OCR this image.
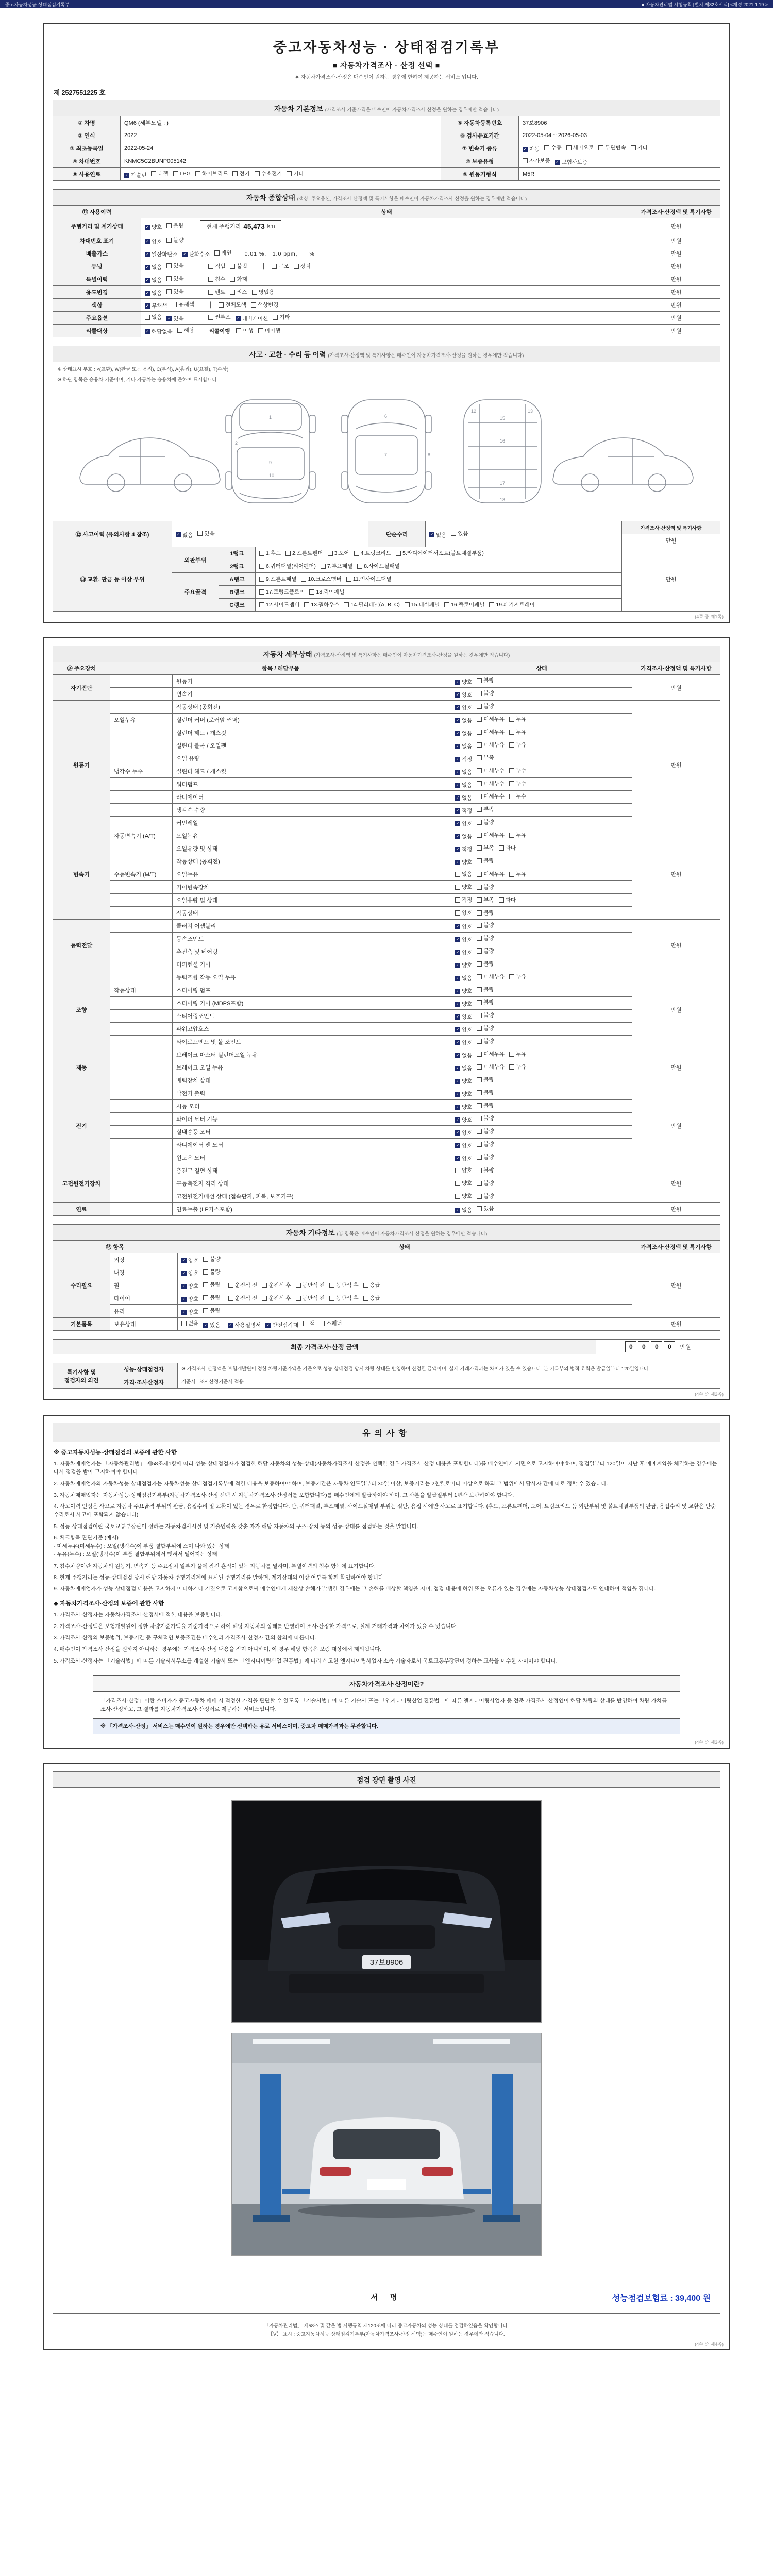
중고자동차성능·상태점검기록부	■ 자동차관리법 시행규칙 [별지 제82호서식] <개정 2021.1.19.>
중고자동차성능 · 상태점검기록부
■ 자동차가격조사 · 산정 선택 ■
※ 자동차가격조사·산정은 매수인이 원하는 경우에 한하여 제공하는 서비스 입니다.
제 2527551225 호
자동차 기본정보 (가격조사 기준가격은 매수인이 자동차가격조사·산정을 원하는 경우에만 적습니다)
① 차명	QM6 (세부모델 : )	⑤ 자동차등록번호	37보8906
② 연식	2022	⑥ 검사유효기간	2022-05-04 ~ 2026-05-03
③ 최초등록일	2022-05-24	⑦ 변속기 종류 ✓	자동 수동 세미오토 무단변속 기타
④ 차대번호	KNMC5C2BUNP005142	⑩ 보증유형	자가보증 ✓ 보험사보증
⑧ 사용연료 ✓	가솔린 디젤 LPG 하이브리드 전기 수소전기 기타	⑨ 원동기형식	M5R
자동차 종합상태 (색상, 주요옵션, 가격조사·산정액 및 특기사항은 매수인이 자동차가격조사·산정을 원하는 경우에만 적습니다)
⑪ 사용이력	상태	가격조사·산정액 및 특기사항
주행거리 및 계기상태 ✓	양호 불량	현재 주행거리 45,473 km	만원
차대번호 표기 ✓	양호 불량	만원
배출가스 ✓	일산화탄소 ✓ 탄화수소 매연 0.01 %,　1.0 ppm,　　%	만원
튜닝 ✓	없음 있음	│ 적법 불법	│ 구조 장치	만원
특별이력 ✓	없음 있음	│ 침수 화재	만원
용도변경 ✓	없음 있음	│ 렌트 리스 영업용	만원
색상 ✓	무채색 유채색	│ 전체도색 색상변경	만원
주요옵션	없음 ✓ 있음	│ 썬루프 ✓ 네비게이션 기타	만원
리콜대상 ✓	해당없음 해당	리콜이행 이행 미이행	만원
사고 · 교환 · 수리 등 이력 (가격조사·산정액 및 특기사항은 매수인이 자동차가격조사·산정을 원하는 경우에만 적습니다)
※ 상태표시 부호 : ×(교환), W(판금 또는 용접), C(부식), A(흠집), U(요철), T(손상)
※ 하단 항목은 승용차 기준이며, 기타 자동차는 승용차에 준하여 표시합니다.
1
2
9
10
6
7	8
12	13
16
17
18
15
⑫ 사고이력 (유의사항 4 참조) ✓	없음 있음	단순수리 ✓	없음 있음
가격조사·산정액 및 특기사항
만원
⑬ 교환, 판금 등 이상 부위
외판부위
1랭크	1.후드 2.프론트펜더 3.도어 4.트렁크리드 5.라디에이터서포트(볼트체결부품)
2랭크	6.쿼터패널(리어펜더) 7.루프패널 8.사이드실패널
주요골격
A랭크	9.프론트패널 10.크로스멤버 11.인사이드패널
B랭크	17.트렁크플로어 18.리어패널
C랭크	12.사이드멤버 13.휠하우스 14.필러패널(A, B, C) 15.대쉬패널 16.플로어패널 19.패키지트레이
만원
(4쪽 중 제1쪽)
자동차 세부상태 (가격조사·산정액 및 특기사항은 매수인이 자동차가격조사·산정을 원하는 경우에만 적습니다)
⑭ 주요장치	항목 / 해당부품	상태	가격조사·산정액 및 특기사항
자기진단
원동기 ✓	양호 불량
변속기 ✓	양호 불량
만원
원동기
작동상태 (공회전) ✓	양호 불량
오일누유	실린더 커버 (로커암 커버) ✓	없음 미세누유 누유
실린더 헤드 / 개스킷 ✓	없음 미세누유 누유
실린더 블록 / 오일팬 ✓	없음 미세누유 누유
오일 유량 ✓	적정 부족
냉각수 누수	실린더 헤드 / 개스킷 ✓	없음 미세누수 누수
워터펌프 ✓	없음 미세누수 누수
라디에이터 ✓	없음 미세누수 누수
냉각수 수량 ✓	적정 부족
커먼레일 ✓	양호 불량
만원
변속기
자동변속기 (A/T)	오일누유 ✓	없음 미세누유 누유
오일유량 및 상태 ✓	적정 부족 과다
작동상태 (공회전) ✓	양호 불량
수동변속기 (M/T)	오일누유	없음 미세누유 누유
기어변속장치	양호 불량
오일유량 및 상태	적정 부족 과다
작동상태	양호 불량
만원
동력전달
클러치 어셈블리 ✓	양호 불량
등속조인트 ✓	양호 불량
추진축 및 베어링 ✓	양호 불량
디퍼렌셜 기어 ✓	양호 불량
만원
조향
동력조향 작동 오일 누유 ✓	없음 미세누유 누유
작동상태	스티어링 펌프 ✓	양호 불량
스티어링 기어 (MDPS포함) ✓	양호 불량
스티어링조인트 ✓	양호 불량
파워고압호스 ✓	양호 불량
타이로드엔드 및 볼 조인트 ✓	양호 불량
만원
제동
브레이크 마스터 실린더오일 누유 ✓	없음 미세누유 누유
브레이크 오일 누유 ✓	없음 미세누유 누유
배력장치 상태 ✓	양호 불량
만원
전기
발전기 출력 ✓	양호 불량
시동 모터 ✓	양호 불량
와이퍼 모터 기능 ✓	양호 불량
실내송풍 모터 ✓	양호 불량
라디에이터 팬 모터 ✓	양호 불량
윈도우 모터 ✓	양호 불량
만원
고전원전기장치
충전구 절연 상태	양호 불량
구동축전지 격리 상태	양호 불량
고전원전기배선 상태 (접속단자, 피복, 보호기구)	양호 불량
만원
연료	연료누출 (LP가스포함) ✓	없음 있음	만원
자동차 기타정보 (⑮ 항목은 매수인이 자동차가격조사·산정을 원하는 경우에만 적습니다)
⑮ 항목	상태	가격조사·산정액 및 특기사항
수리필요
외장 ✓	양호 불량
내장 ✓	양호 불량
휠 ✓	양호 불량	운전석 전 운전석 후 동반석 전 동반석 후 응급
타이어 ✓	양호 불량	운전석 전 운전석 후 동반석 전 동반석 후 응급
유리 ✓	양호 불량
만원
기본품목	보유상태	없음 ✓ 있음 ✓	사용설명서 ✓ 안전삼각대 잭 스패너	만원
최종 가격조사·산정 금액	0 0 0 0	만원
특기사항 및
점검자의 의견
성능·상태점검자	※ 가격조사·산정액은 보험개발원이 정한 차량기준가액을 기준으로 성능·상태점검 당시 차량 상태를 반영하여 산정한 금액이며, 실제 거래가격과는 차이가 있을 수 있습니다. 본 기록부의 법적 효력은 발급일부터 120일입니다.
가격·조사산정자	기준서 : 조사산정기준서 적용
(4쪽 중 제2쪽)
유의사항
※ 중고자동차성능·상태점검의 보증에 관한 사항
1. 자동차매매업자는 「자동차관리법」 제58조제1항에 따라 성능·상태점검자가 점검한 해당 자동차의 성능·상태(자동차가격조사·산정을 선택한 경우 가격조사·산정 내용을 포함합니다)를 매수인에게 서면으로 고지하여야 하며, 점검일부터 120일이 지난 후 매매계약을 체결하는 경우에는 다시 점검을 받아 고지하여야 합니다.
2. 자동차매매업자와 자동차성능·상태점검자는 자동차성능·상태점검기록부에 적힌 내용을 보증하여야 하며, 보증기간은 자동차 인도일부터 30일 이상, 보증거리는 2천킬로미터 이상으로 하되 그 범위에서 당사자 간에 따로 정할 수 있습니다.
3. 자동차매매업자는 자동차성능·상태점검기록부(자동차가격조사·산정 선택 시 자동차가격조사·산정서를 포함합니다)를 매수인에게 발급하여야 하며, 그 사본을 발급일부터 1년간 보관하여야 합니다.
4. 사고이력 인정은 사고로 자동차 주요골격 부위의 판금, 용접수리 및 교환이 있는 경우로 한정합니다. 단, 쿼터패널, 루프패널, 사이드실패널 부위는 절단, 용접 시에만 사고로 표기합니다. (후드, 프론트펜더, 도어, 트렁크리드 등 외판부위 및 볼트체결부품의 판금, 용접수리 및 교환은 단순수리로서 사고에 포함되지 않습니다)
5. 성능·상태점검이란 국토교통부장관이 정하는 자동차검사시설 및 기술인력을 갖춘 자가 해당 자동차의 구조·장치 등의 성능·상태를 점검하는 것을 말합니다.
6. 체크항목 판단기준 (예시)
- 미세누유(미세누수) : 오일(냉각수)이 부품 결합부위에 스며 나와 있는 상태
- 누유(누수) : 오일(냉각수)이 부품 결합부위에서 맺혀서 떨어지는 상태
7. 침수차량이란 자동차의 원동기, 변속기 등 주요장치 일부가 물에 잠긴 흔적이 있는 자동차를 말하며, 특별이력의 침수 항목에 표기합니다.
8. 현재 주행거리는 성능·상태점검 당시 해당 자동차 주행거리계에 표시된 주행거리를 말하며, 계기상태의 이상 여부를 함께 확인하여야 합니다.
9. 자동차매매업자가 성능·상태점검 내용을 고지하지 아니하거나 거짓으로 고지함으로써 매수인에게 재산상 손해가 발생한 경우에는 그 손해를 배상할 책임을 지며, 점검 내용에 허위 또는 오류가 있는 경우에는 자동차성능·상태점검자도 연대하여 책임을 집니다.
◆ 자동차가격조사·산정의 보증에 관한 사항
1. 가격조사·산정자는 자동차가격조사·산정서에 적힌 내용을 보증합니다.
2. 가격조사·산정액은 보험개발원이 정한 차량기준가액을 기준가격으로 하여 해당 자동차의 상태를 반영하여 조사·산정한 가격으로, 실제 거래가격과 차이가 있을 수 있습니다.
3. 가격조사·산정의 보증범위, 보증기간 등 구체적인 보증조건은 매수인과 가격조사·산정자 간의 합의에 따릅니다.
4. 매수인이 가격조사·산정을 원하지 아니하는 경우에는 가격조사·산정 내용을 적지 아니하며, 이 경우 해당 항목은 보증 대상에서 제외됩니다.
5. 가격조사·산정자는 「기술사법」에 따른 기술사사무소를 개설한 기술사 또는 「엔지니어링산업 진흥법」에 따라 신고한 엔지니어링사업자 소속 기술자로서 국토교통부장관이 정하는 교육을 이수한 자이어야 합니다.
자동차가격조사·산정이란?
「가격조사·산정」이란 소비자가 중고자동차 매매 시 적정한 가격을 판단할 수 있도록 「기술사법」에 따른 기술사 또는 「엔지니어링산업 진흥법」에 따른 엔지니어링사업자 등 전문 가격조사·산정인이 해당 차량의 상태를 반영하여 차량 가치를 조사·산정하고, 그 결과를 자동차가격조사·산정서로 제공하는 서비스입니다.
※ 「가격조사·산정」 서비스는 매수인이 원하는 경우에만 선택하는 유료 서비스이며, 중고차 매매가격과는 무관합니다.
(4쪽 중 제3쪽)
점검 장면 촬영 사진
37보8906

서 명	성능점검보험료 : 39,400 원
「자동차관리법」 제58조 및 같은 법 시행규칙 제120조에 따라 중고자동차의 성능·상태를 점검하였음을 확인합니다.
【V】 표시 : 중고자동차성능·상태점검기록부(자동차가격조사·산정 선택)는 매수인이 원하는 경우에만 적습니다.
(4쪽 중 제4쪽)
